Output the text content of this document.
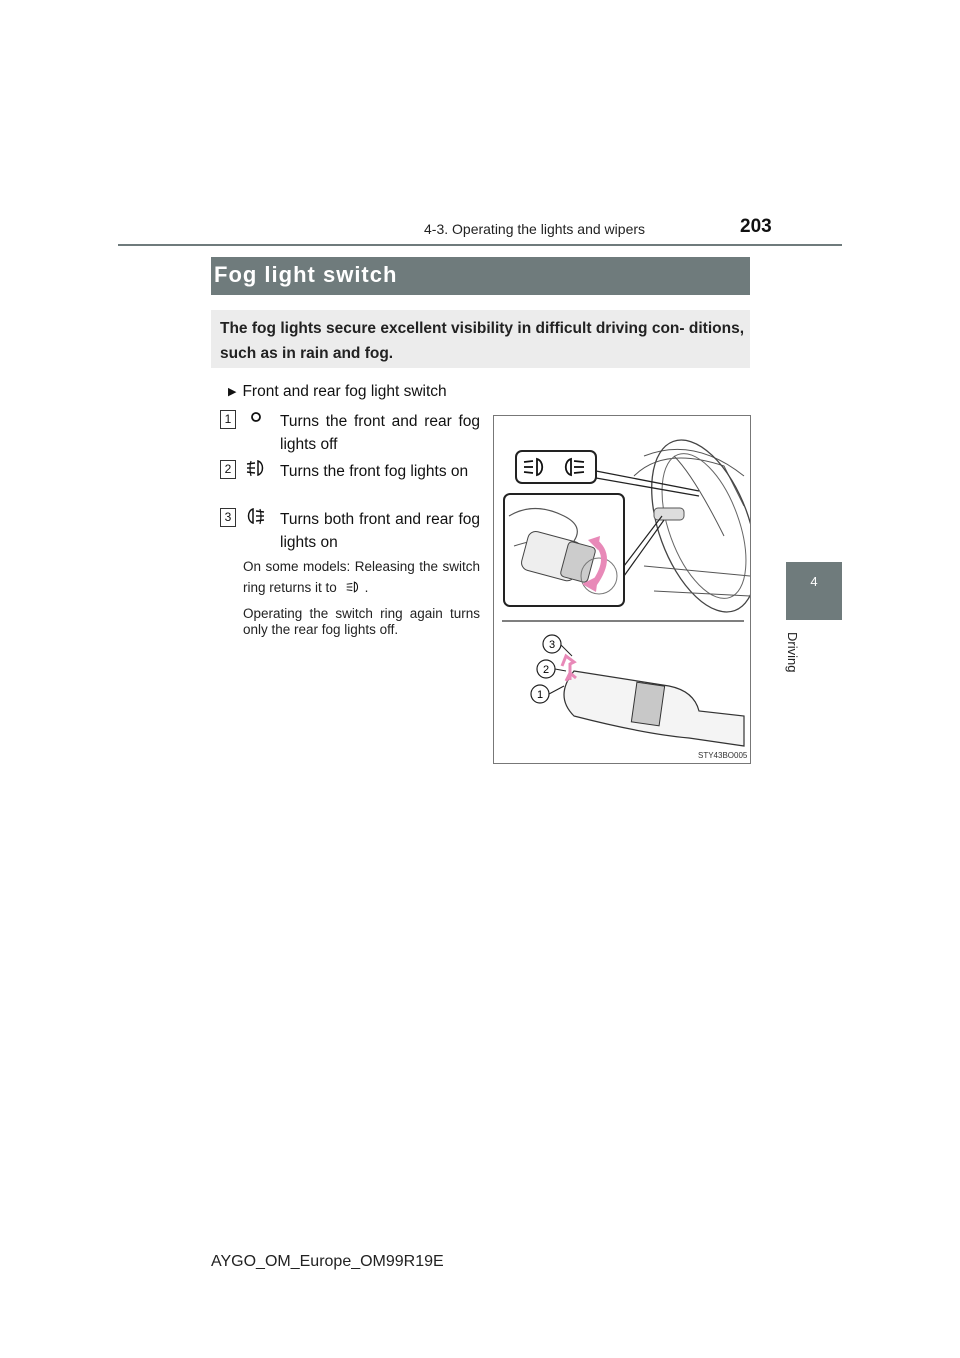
4-3. Operating the lights and wipers	203
4
Driving
Fog light switch
The fog lights secure excellent visibility in difficult driving con- ditions, such as in rain and fog.
▶ Front and rear fog light switch
1	Turns the front and rear fog lights off
2	Turns the front fog lights on
3	Turns both front and rear fog lights on
On some models: Releasing the switch ring returns it to .
Operating the switch ring again turns only the rear fog lights off.
3
2
1
STY43BO005
AYGO_OM_Europe_OM99R19E
